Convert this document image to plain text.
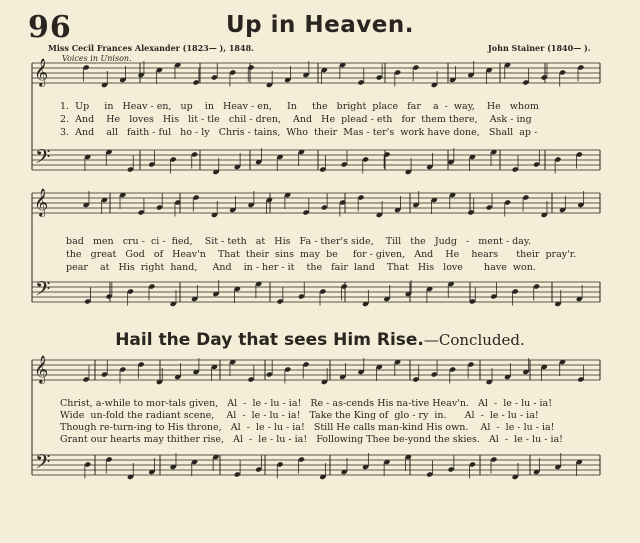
𝄞
𝄢
𝄞
𝄢
𝄞
𝄢
96	Up in Heaven.
Miss Cecil Frances Alexander (1823— ), 1848.	John Stainer (1840— ).
Voices in Unison.
1.  Up     in   Heav - en,   up    in   Heav - en,     In     the   bright  place   far    a  -  way,    He   whom
2.  And    He   loves   His   lit - tle   chil - dren,    And   He  plead - eth   for  them there,    Ask - ing
3.  And    all   faith - ful   ho - ly   Chris - tains,  Who  their  Mas - ter's  work have done,   Shall  ap -
bad   men   cru -  ci -  fied,    Sit - teth   at   His   Fa - ther's side,    Till   the   Judg   -   ment - day.
the   great   God   of   Heav'n    That  their  sins  may  be     for - given,   And    He    hears      their  pray'r.
pear    at   His  right  hand,     And    in - her - it    the   fair  land    That   His   love       have  won.
Hail the Day that sees Him Rise.—Concluded.
Christ, a-while to mor-tals given,   Al  -  le - lu - ia!   Re - as-cends His na-tive Heav'n.   Al  -  le - lu - ia!
Wide  un-fold the radiant scene,    Al  -  le - lu - ia!   Take the King of  glo - ry  in.      Al  -  le - lu - ia!
Though re-turn-ing to His throne,   Al  -  le - lu - ia!   Still He calls man-kind His own.    Al  -  le - lu - ia!
Grant our hearts may thither rise,   Al  -  le - lu - ia!   Following Thee be-yond the skies.   Al  -  le - lu - ia!
